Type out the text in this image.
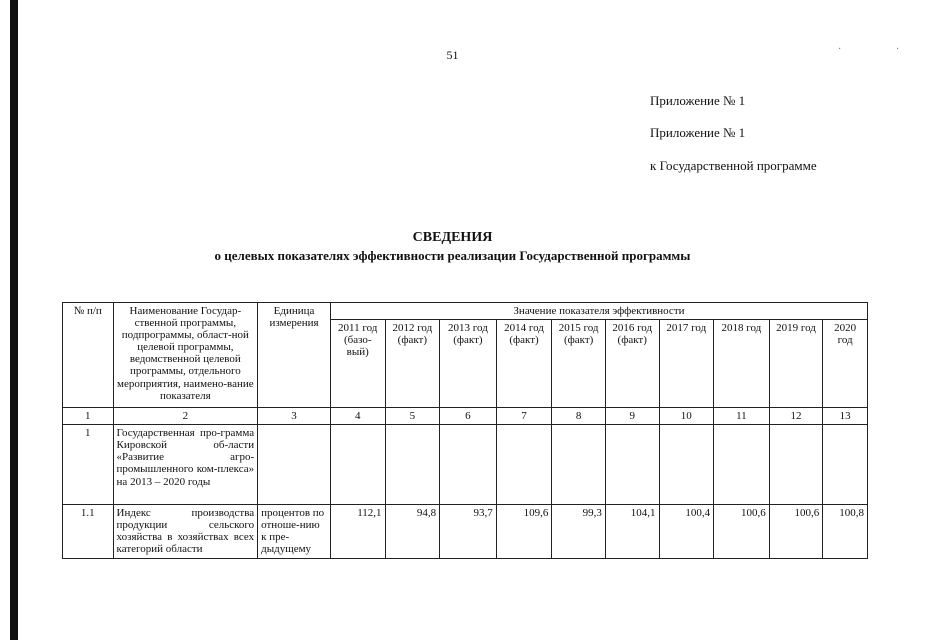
· ·
51
Приложение № 1
Приложение № 1
к Государственной программе
СВЕДЕНИЯ
о целевых показателях эффективности реализации Государственной программы
№ п/п	Наименование Государ-ственной программы, подпрограммы, област-ной целевой программы, ведомственной целевой программы, отдельного мероприятия, наимено-вание показателя	Единица измерения	Значение показателя эффективности									
			2011 год (базо-вый)	2012 год (факт)	2013 год (факт)	2014 год (факт)	2015 год (факт)	2016 год (факт)	2017 год	2018 год	2019 год	2020 год
1	2	3	4	5	6	7	8	9	10	11	12	13
1	Государственная про-грамма Кировской об-ласти «Развитие агро-промышленного ком-плекса» на 2013 – 2020 годы											
1.1	Индекс производства продукции сельского хозяйства в хозяйствах всех категорий области	процентов по отноше-нию к пре-дыдущему	112,1	94,8	93,7	109,6	99,3	104,1	100,4	100,6	100,6	100,8
